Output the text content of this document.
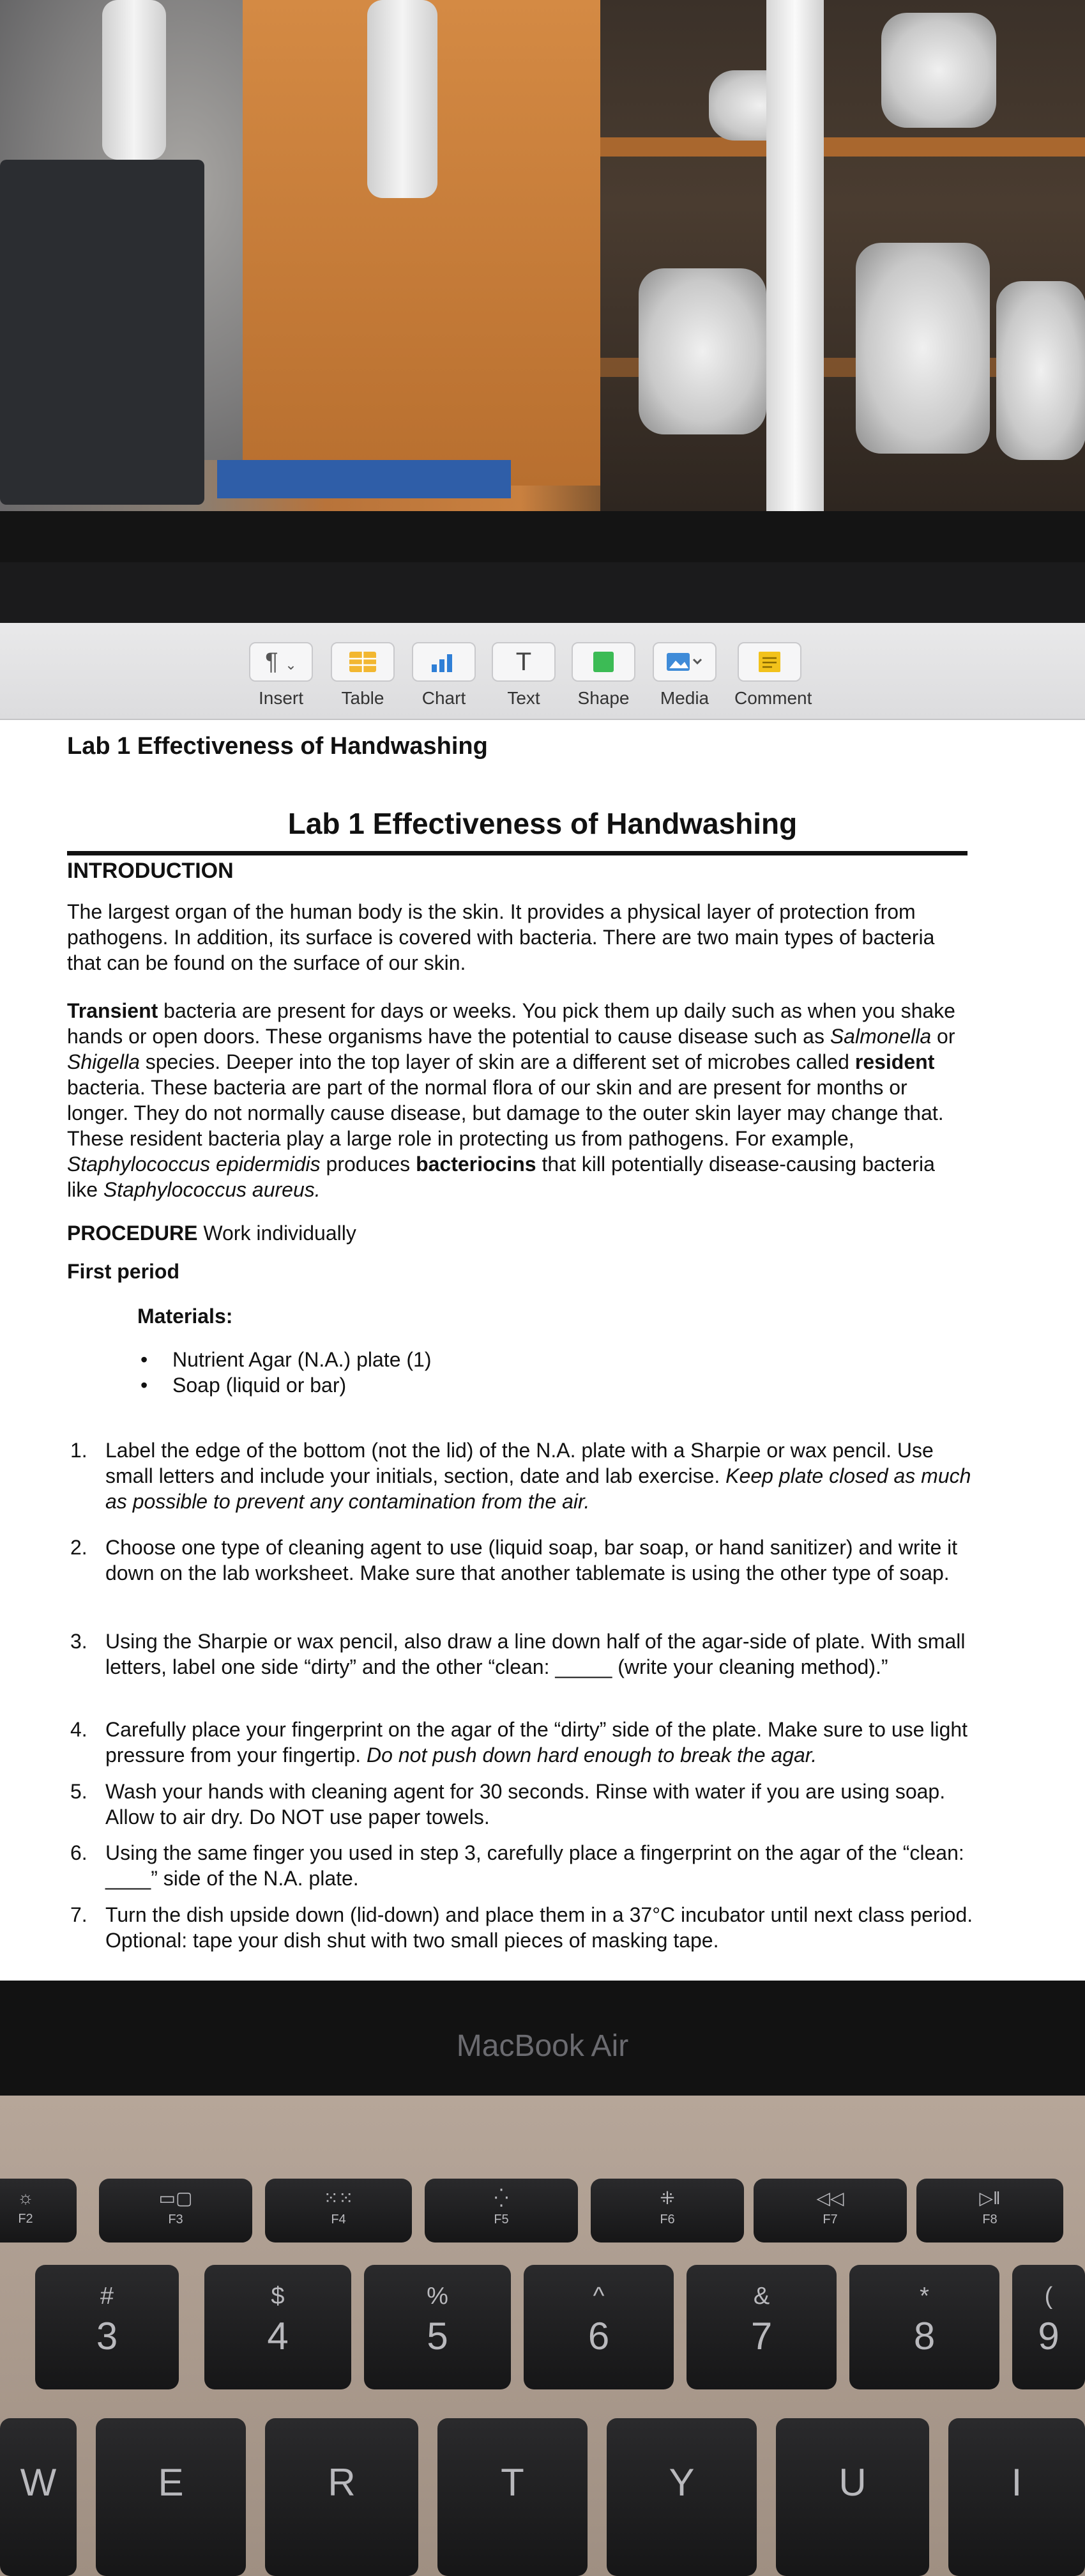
¶ ⌄
Insert	Table	Chart
T
Text	Shape	Media	Comment
Lab 1 Effectiveness of Handwashing
Lab 1 Effectiveness of Handwashing
INTRODUCTION
The largest organ of the human body is the skin. It provides a physical layer of protection from pathogens. In addition, its surface is covered with bacteria. There are two main types of bacteria that can be found on the surface of our skin.
Transient bacteria are present for days or weeks. You pick them up daily such as when you shake hands or open doors. These organisms have the potential to cause disease such as Salmonella or Shigella species. Deeper into the top layer of skin are a different set of microbes called resident bacteria. These bacteria are part of the normal flora of our skin and are present for months or longer. They do not normally cause disease, but damage to the outer skin layer may change that. These resident bacteria play a large role in protecting us from pathogens. For example, Staphylococcus epidermidis produces bacteriocins that kill potentially disease-causing bacteria like Staphylococcus aureus.
PROCEDURE Work individually
First period
Materials:
• Nutrient Agar (N.A.) plate (1)
• Soap (liquid or bar)
1. Label the edge of the bottom (not the lid) of the N.A. plate with a Sharpie or wax pencil. Use small letters and include your initials, section, date and lab exercise. Keep plate closed as much as possible to prevent any contamination from the air.
2. Choose one type of cleaning agent to use (liquid soap, bar soap, or hand sanitizer) and write it down on the lab worksheet. Make sure that another tablemate is using the other type of soap.
3. Using the Sharpie or wax pencil, also draw a line down half of the agar-side of plate. With small letters, label one side “dirty” and the other “clean: _____ (write your cleaning method).”
4. Carefully place your fingerprint on the agar of the “dirty” side of the plate. Make sure to use light pressure from your fingertip. Do not push down hard enough to break the agar.
5. Wash your hands with cleaning agent for 30 seconds. Rinse with water if you are using soap. Allow to air dry. Do NOT use paper towels.
6. Using the same finger you used in step 3, carefully place a fingerprint on the agar of the “clean: ____” side of the N.A. plate.
7. Turn the dish upside down (lid-down) and place them in a 37°C incubator until next class period. Optional: tape your dish shut with two small pieces of masking tape.
MacBook Air
☼
F2
▭▢
F3
⁙⁙
F4
⁛
F5
⁜
F6
◁◁
F7
▷ǁ
F8
#
3
$
4
%
5
^
6
&
7
*
8
(
9
W	E	R	T	Y	U	I
